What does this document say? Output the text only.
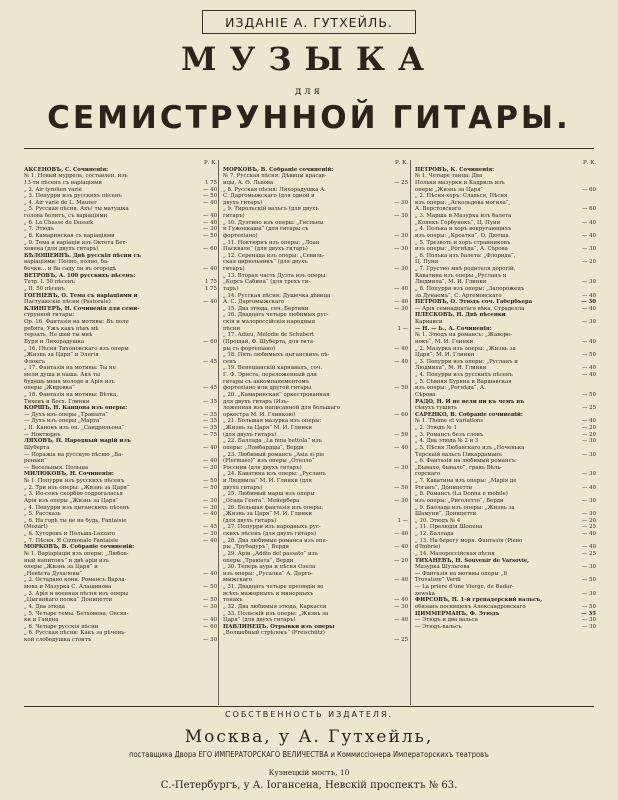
ИЗДАНІЕ А. ГУТХЕЙЛЬ.
МУЗЫКА
для
СЕМИСТРУННОЙ ГИТАРЫ.
Р. К.
АКСЁНОВЪ, С. Сочиненія:
№ 1. Новый муррель, составлен. изъ
13-ти пѣсенъ съ варіаціями	1 75
„ 2. Air tyrolien varié	— 40
„ 3. Попурри изъ русскихъ пѣсенъ	— 50
„ 4. Air varié de L. Maurer	— 40
„ 5. Русская пѣсня. Ахъ! ты матушка
голова болитъ, съ варіаціями	— 40
„ 6. La Chasse de Dussek	— 40
„ 7. Этюдъ	— 30
„ 8. Камаринская съ варіаціями	— 50
„ 9. Тема и варіаціи изъ Октета Бет-
ховена (для двухъ гитаръ)	— 60
БѢЛОШЕИНЪ. Двѣ русскія пѣсни съ
варіаціями: Полно, полно, ба-
бочки... и Во саду ли въ огородѣ	— 40
ВЕТРОВЪ, А. 100 русскихъ пѣсенъ:
Тетр. I. 50 пѣсенъ	1 75
„ II. 50 пѣсенъ	1 75
ГОГНІЕВЪ, О. Тема съ варіаціями и
Пастушескіе пѣсни (Pastorale)	— 40
КЛИНГЕРЪ, Н. Сочиненія для семи-
струнной гитары:
Ор. 16. Фантазія на мотивы: Въ поле
ребята, Ужъ какъ пѣвъ мѣ
терзать, Не шей ты мнѣ
Буря и Лихорадушка	— 60
„ 16. Пѣсня Тихоновскаго изъ оперы
„Жизнь за Царя“ и Элегія
Флоксъ	— 45
„ 17. Фантазія на мотивы: Ты не
мели душа и наша. Акъ ты
будешь меня молодо и Арія изъ
оперы „Жидовка“	— 45
„ 18. Фантазія на мотивы: Вѣтка,
Тихенъ и Босх. Глинки	— 35
КОРШЪ, Н. Канцона изъ оперы:
— Духъ изъ оперы „Травіата“	— 35
— Духъ изъ оперы „Марта“	— 35
„ II. Канонъ изъ оп. „Сандрильона“	— 35
— Ноктюрнъ	— 75
ЛЯХОВЪ, П. Народный марій изъ
Шуберта	— 40
— Поражіа на русскую пѣсню „Ва-
реньки“	— 40
— Весельныя. Польша	— 30
МИЛЮКОВЪ, Н. Сочиненія:
№ 1. Попурри изъ русскихъ пѣсенъ	— 50
„ 2. Три изъ оперы: „Жизнь за Царя“	— 50
„ 3. Йо-сенъ скорбію содрогаласья
Арія изъ оперы „Жизнь за Царя“	— 30
„ 4. Попурри изъ цыганскихъ пѣсенъ	— 30
„ 5. Рассказь	— 40
„ 6. На горѣ ты не на будь, Fantaisie
(Mozart)	— 45
„ 6. Хуторокъ и Польша-Lazzaro	— 30
„ 7. Пѣсня. Я Cizmonalo Fantaisie	— 40
МОРКОВЪ, В. Собраніе сочиненій:
№ 1. Варіаріаціи изъ оперы: „Любов-
ный напитокъ“ и двѣ аріи изъ
оперы „Жизнь за Царя“ и
„Невѣста Духалевы“	— 40
„ 2. Остадано кони. Романсъ Варла-
мова и Мазурка С. Алашинова	— 50
„ 3. Арія и военная пѣсня изъ оперы
„Цыганкаго полка“ Доницетти	— 50
„ 4. Два этюда	— 30
„ 5. Четыре темы. Бетховена, Овсян-
ки и Гайдна	— 40
„ 6. Четыре русскія пѣсни	— 60
„ 6. Русская пѣсня: Какъ за рѣчень-
кой слободушка стоитъ	— 30
Р. К.
МОРКОВЪ, В. Собраніе сочиненій:
№ 7. Русская пѣсня: Дѣвицы красав-
ицы, А. Ѳ. Львова	— 25
„ 8. Русская пѣсня: Лихорадушка А.
С. Даргомыжскаго (для одной и
двухъ гитаръ)	— 30
„ 9. Тирольскій вальсъ (для двухъ
гитаръ)	— 30
„ 10. Дуэтино изъ оперы: „Гиспьеы
и Гужоцкаша“ (для гитары съ
фортепіано)	— 30
„ 11. Ноктюрнъ изъ оперы: „Лоан
Пасквале“ (для двухъ гитаръ)	— 30
„ 12. Серенада изъ оперы: „Севиль-
ская цирюльникъ“ (для двухъ
гитаръ)	— 30
„ 13. Вторая часть Дуэта изъ оперы:
„Корсъ Сабина“ (для трехъ ги-
таръ)	— 40
„ 14. Русская пѣсня: Душечка дѣвица
А. С. Даргомыжскаго	— 40
„ 15. Два этюда, соч. Бертини	— 30
„ 16. Двадцать четыре любимыя рус-
скія и малороссійскія народныя
пѣсни	1 —
„ 17. Adieu, Mélodie de Schubert
(Прощай, Ф. Шуберта, для гита-
ры съ фортепіано)	— 40
„ 18. Пять любимыхъ цыганскихъ пѣ-
сенъ	— 40
„ 19. Венеціанскій карнавалъ, соч.
Г. Ф. Эрнста, переложенный для
гитары съ аккомпанементомъ
фортепіано или другой гитары	— 50
„ 20. „Камаринская“ оркестрованная
для двухъ гитаръ (Изъ-
ложенная изъ написанной для большаго
оркестра М. И. Глинкою)	— 60
„ 21. Большая мазурка изъ оперы:
„Жизнь за Царя“ М. И. Глинки
(для двухъ гитаръ)	— 50
„ 22. Баллада „La nina bettola“ изъ
оперы: „Ломбардцы“, Верди	— 40
„ 23. Любимый романсъ „Asia si pie
(Flermaso)“ изъ оперы „Отелло“
Россини (для двухъ гитаръ)	— 30
„ 24. Каватина изъ оперы: „Русланъ
и Людмила“ М. И. Глинки (для
двухъ гитаръ)	— 50
„ 25. Любимый марш изъ оперы
„Осада Гента“. Мейербера	— 30
„ 26. Большая фантазія изъ оперы:
„Жизнь за Царя“ М. И. Глинки
(для двухъ гитаръ)	1 —
„ 27. Попурри изъ народныхъ рус-
скихъ пѣсенъ (для двухъ гитаръ)	— 40
„ 28. Два любимые романса изъ опе-
ры „Трубадуръ“, Верди	— 40
„ 29. Аріи „Addio del passato“ изъ
оперы „Травіата“, Верди	— 20
„ 30. Теперь аура и пѣсня Озела
изъ оперы: „Русалка“ А. Дарго-
мыжскаго	— 40
„ 31. Двадцать четыре прелюдіи во
всѣхъ мажорныхъ и минорныхъ
тонахъ	— 40
„ 32. Два любимыя этюда, Каркасси	— 30
„ 33. Польскій изъ оперы: „Жизнь за
Царя“ (для двухъ гитаръ)	— 40
ПАВЛИНЕЦЪ. Отрывки изъ оперы
„Волшебный стрѣлокъ“ (Freischütz)
— 25
Р. К.
ПЕТРОВЪ, К. Сочиненія:
№ 1. Четыре танца: Два
Польки мазурки и Кадриль изъ
оперы „Жизнь за Царя“	— 60
„ 2. Пѣсня-хоръ: Славься, Пѣсня
изъ оперы: „Аскольдова могила“,
А. Верстовскаго	— 60
„ 3. Марша и Мазурка изъ балета
„Конекъ Горбунокъ“, Ц. Пуни	— 40
„ 4. Полька и хоръ вокругающихъ
изъ оперы: „Кроатка“, О. Дютша	— 40
„ 5. Трезвоть и хоръ странниковъ
изъ оперы: „Рогнѣда“, А. Сѣрова	— 30
„ 6. Полька изъ балета: „Флорида“,
Ц. Пуни	— 20
„ 7. Грустно мнѣ родителя дорогій,
Каватина изъ оперы „Русланъ и
Людмила“, М. И. Глинки	— 30
„ 8. Попурри изъ оперы: „Запорожецъ
за Дунаемъ“, С. Артемовскаго	— 40
ПЕТРОВЪ, О. Этюдъ соч. Габербьера	— 30
— Арія семнадцатаго вѣка, Страделла	— 40
ПЛЕСКОВЪ, Н. Двѣ пѣсенки
Карнакси	— 30
— Н. — Ь., А. Сочиненія:
№ 1. Этюдъ на романсъ: „Жаворо-
нокъ“, М. И. Глинки	— 40
„ 2. Мазурка изъ оперы: „Жизнь за
Царя“, М. И. Глинки	— 50
„ 3. Попурри изъ оперы: „Русланъ и
Людмила“, М. И. Глинки	— 40
„ 4. Попурри изъ русскихъ пѣсенъ	— 40
„ 5. Сѣвняя Буряна и Варшавская
изъ оперы: „Рогнѣда“, А.
Сѣрова	— 50
РАДО, Н. И не вели ни къ чемъ въ
сѣнухъ тушить	— 25
САРЕНКО, В. Собраніе сочиненій:
№ 1. Thème et variations	— 40
„ 2. Этюдъ № 1	— 20
„ 3. Романсъ безъ словъ	— 20
„ 4. Два этюда № 2 и 3	— 30
„ 5. Пѣсня Любавскаго изъ „Ноченька
Терскаій вальсъ Пикардаманъ	— 30
„ 6. Фантазія на любимый романсъ:
„Бывало, бывало“, гравъ Вѣль-
горскаго	— 30
„ 7. Каватина изъ оперы: „Марія де
Роганъ“, Доницетти	— 40
„ 8. Романсъ (La Donna è mobile)
изъ оперы: „Риголетто“, Верди	— 30
„ 9. Баллада изъ оперы: „Жизнь за
Шамуни“, Доницетти	— 30
„ 10. Этюдъ № 4	— 20
„ 11. Прелюдія Шопена	— 25
„ 12. Баллада	— 40
„ 13. На берегу моря. Фантазія (Ріево
d'Imbrie)	— 40
„ 14. Малороссійская пѣсня	— 25
ТИХАНЕВЪ, Н. Souvenir de Varsovie,
Мазурка Шульгова	— 30
— Фантазія на мотивы оперы „Il
Trovatore“ Verdi	— 50
— La prière d'une Vierge, de Badar-
zewska	— 30
ФИРСОВЪ, Н. 1-й гренадерский вальсъ,
обязанъ посвященъ Александровскаго	— 50
ЦИММЕРМАНЪ, Ф. Этюдъ	— 35
— Этюдъ и два вальса	— 30
— Этюдъ-вальсъ	— 30
СОБСТВЕННОСТЬ ИЗДАТЕЛЯ.
Москва, у А. Гутхейль,
поставщика Двора ЕГО ИМПЕРАТОРСКАГО ВЕЛИЧЕСТВА и Коммиссіонера Императорскихъ театровъ
Кузнецкій мостъ, 10
С.-Петербургъ, у А. Іогансена, Невскій проспектъ № 63.
